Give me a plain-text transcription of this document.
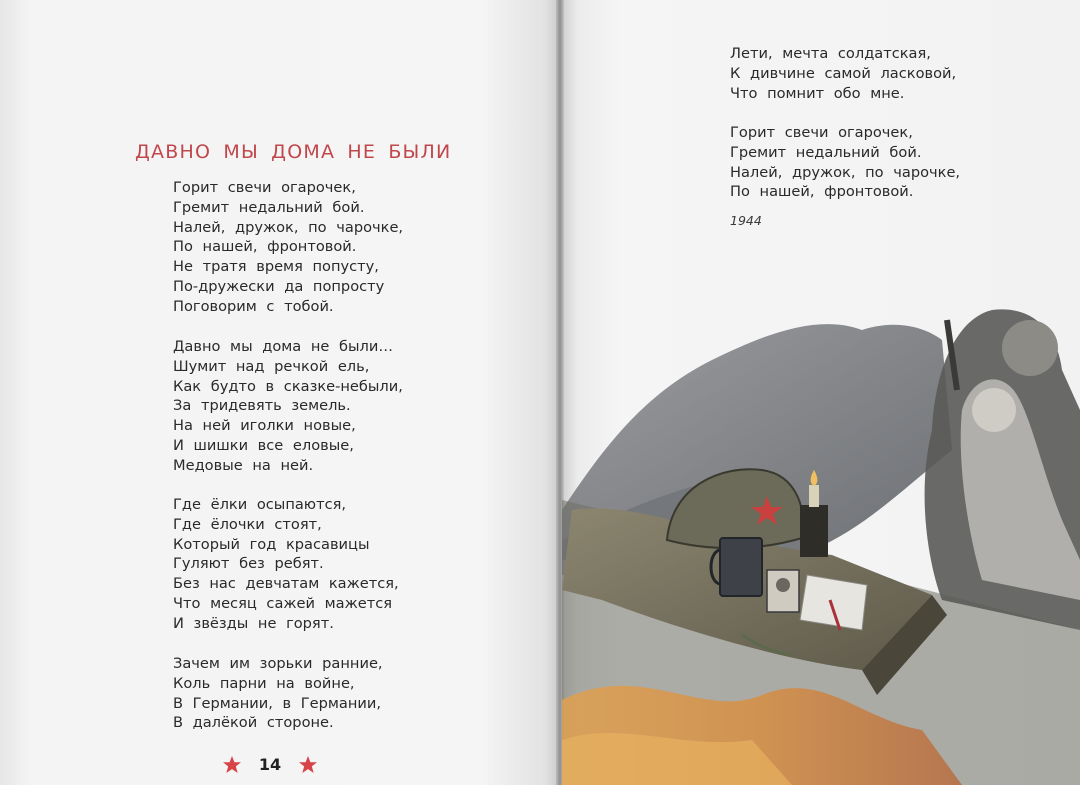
ДАВНО МЫ ДОМА НЕ БЫЛИ
Горит свечи огарочек,
Гремит недальний бой.
Налей, дружок, по чарочке,
По нашей, фронтовой.
Не тратя время попусту,
По-дружески да попросту
Поговорим с тобой.
Давно мы дома не были…
Шумит над речкой ель,
Как будто в сказке-небыли,
За тридевять земель.
На ней иголки новые,
И шишки все еловые,
Медовые на ней.
Где ёлки осыпаются,
Где ёлочки стоят,
Который год красавицы
Гуляют без ребят.
Без нас девчатам кажется,
Что месяц сажей мажется
И звёзды не горят.
Зачем им зорьки ранние,
Коль парни на войне,
В Германии, в Германии,
В далёкой стороне.
14
Лети, мечта солдатская,
К дивчине самой ласковой,
Что помнит обо мне.
Горит свечи огарочек,
Гремит недальний бой.
Налей, дружок, по чарочке,
По нашей, фронтовой.
1944
